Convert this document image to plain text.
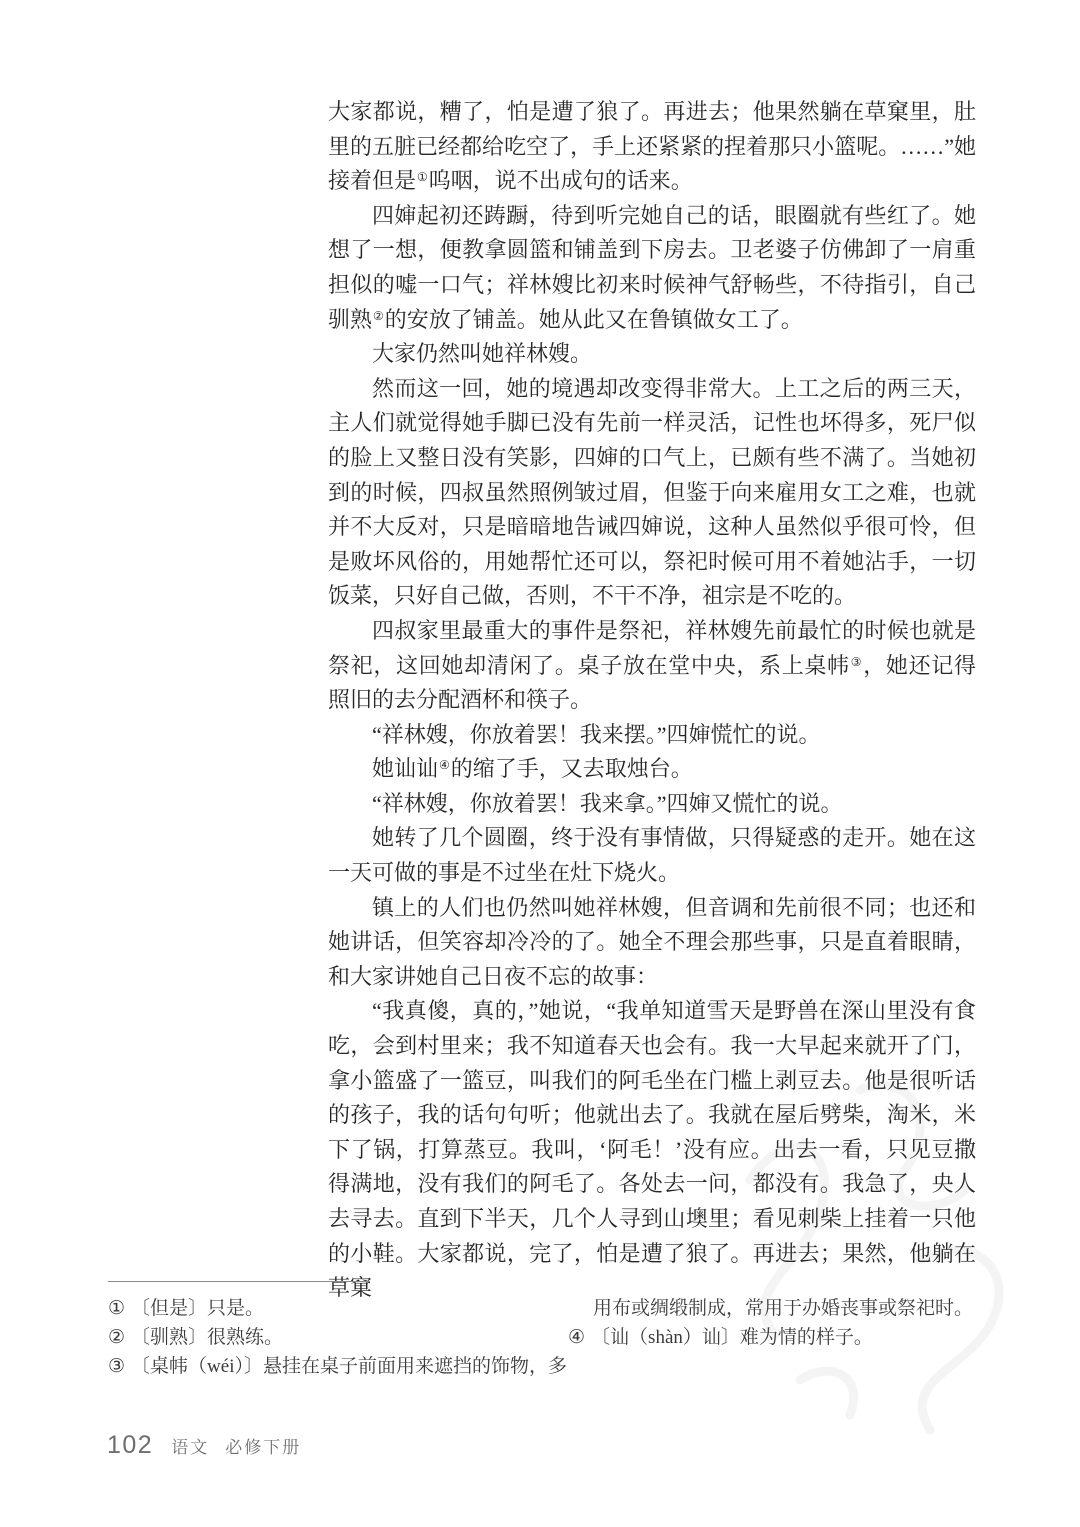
大家都说，糟了，怕是遭了狼了。再进去；他果然躺在草窠里，肚里的五脏已经都给吃空了，手上还紧紧的捏着那只小篮呢。……”她接着但是①呜咽，说不出成句的话来。
四婶起初还踌蹰，待到听完她自己的话，眼圈就有些红了。她想了一想，便教拿圆篮和铺盖到下房去。卫老婆子仿佛卸了一肩重担似的嘘一口气；祥林嫂比初来时候神气舒畅些，不待指引，自己驯熟②的安放了铺盖。她从此又在鲁镇做女工了。
大家仍然叫她祥林嫂。
然而这一回，她的境遇却改变得非常大。上工之后的两三天，主人们就觉得她手脚已没有先前一样灵活，记性也坏得多，死尸似的脸上又整日没有笑影，四婶的口气上，已颇有些不满了。当她初到的时候，四叔虽然照例皱过眉，但鉴于向来雇用女工之难，也就并不大反对，只是暗暗地告诫四婶说，这种人虽然似乎很可怜，但是败坏风俗的，用她帮忙还可以，祭祀时候可用不着她沾手，一切饭菜，只好自己做，否则，不干不净，祖宗是不吃的。
四叔家里最重大的事件是祭祀，祥林嫂先前最忙的时候也就是祭祀，这回她却清闲了。桌子放在堂中央，系上桌帏③，她还记得照旧的去分配酒杯和筷子。
“祥林嫂，你放着罢！我来摆。”四婶慌忙的说。
她讪讪④的缩了手，又去取烛台。
“祥林嫂，你放着罢！我来拿。”四婶又慌忙的说。
她转了几个圆圈，终于没有事情做，只得疑惑的走开。她在这一天可做的事是不过坐在灶下烧火。
镇上的人们也仍然叫她祥林嫂，但音调和先前很不同；也还和她讲话，但笑容却冷冷的了。她全不理会那些事，只是直着眼睛，和大家讲她自己日夜不忘的故事：
“我真傻，真的，”她说，“我单知道雪天是野兽在深山里没有食吃，会到村里来；我不知道春天也会有。我一大早起来就开了门，拿小篮盛了一篮豆，叫我们的阿毛坐在门槛上剥豆去。他是很听话的孩子，我的话句句听；他就出去了。我就在屋后劈柴，淘米，米下了锅，打算蒸豆。我叫，‘阿毛！’没有应。出去一看，只见豆撒得满地，没有我们的阿毛了。各处去一问，都没有。我急了，央人去寻去。直到下半天，几个人寻到山墺里；看见刺柴上挂着一只他的小鞋。大家都说，完了，怕是遭了狼了。再进去；果然，他躺在草窠
① 〔但是〕只是。
② 〔驯熟〕很熟练。
③ 〔桌帏（wéi）〕悬挂在桌子前面用来遮挡的饰物，多
用布或绸缎制成，常用于办婚丧事或祭祀时。
④ 〔讪（shàn）讪〕难为情的样子。
102 语文 必修下册
